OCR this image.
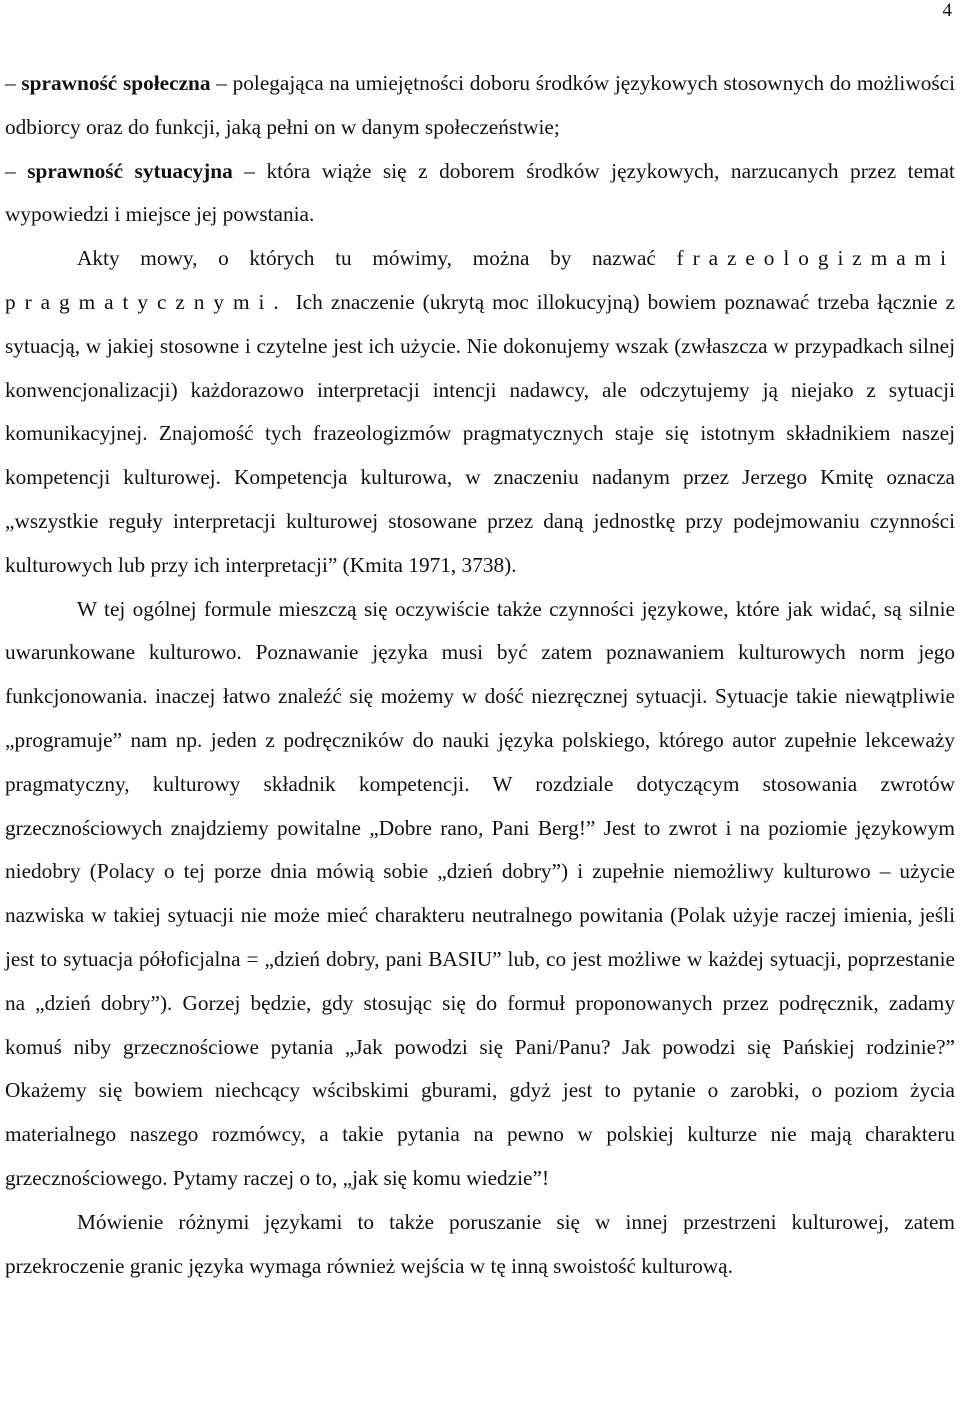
4

– sprawność społeczna – polegająca na umiejętności doboru środków językowych stosownych do możliwości odbiorcy oraz do funkcji, jaką pełni on w danym społeczeństwie;

– sprawność sytuacyjna – która wiąże się z doborem środków językowych, narzucanych przez temat wypowiedzi i miejsce jej powstania.

Akty mowy, o których tu mówimy, można by nazwać frazeologizmami pragmatycznymi. Ich znaczenie (ukrytą moc illokucyjną) bowiem poznawać trzeba łącznie z sytuacją, w jakiej stosowne i czytelne jest ich użycie. Nie dokonujemy wszak (zwłaszcza w przypadkach silnej konwencjonalizacji) każdorazowo interpretacji intencji nadawcy, ale odczytujemy ją niejako z sytuacji komunikacyjnej. Znajomość tych frazeologizmów pragmatycznych staje się istotnym składnikiem naszej kompetencji kulturowej. Kompetencja kulturowa, w znaczeniu nadanym przez Jerzego Kmitę oznacza „wszystkie reguły interpretacji kulturowej stosowane przez daną jednostkę przy podejmowaniu czynności kulturowych lub przy ich interpretacji” (Kmita 1971, 3738).

W tej ogólnej formule mieszczą się oczywiście także czynności językowe, które jak widać, są silnie uwarunkowane kulturowo. Poznawanie języka musi być zatem poznawaniem kulturowych norm jego funkcjonowania. inaczej łatwo znaleźć się możemy w dość niezręcznej sytuacji. Sytuacje takie niewątpliwie „programuje” nam np. jeden z podręczników do nauki języka polskiego, którego autor zupełnie lekceważy pragmatyczny, kulturowy składnik kompetencji. W rozdziale dotyczącym stosowania zwrotów grzecznościowych znajdziemy powitalne „Dobre rano, Pani Berg!” Jest to zwrot i na poziomie językowym niedobry (Polacy o tej porze dnia mówią sobie „dzień dobry”) i zupełnie niemożliwy kulturowo – użycie nazwiska w takiej sytuacji nie może mieć charakteru neutralnego powitania (Polak użyje raczej imienia, jeśli jest to sytuacja półoficjalna = „dzień dobry, pani BASIU” lub, co jest możliwe w każdej sytuacji, poprzestanie na „dzień dobry”). Gorzej będzie, gdy stosując się do formuł proponowanych przez podręcznik, zadamy komuś niby grzecznościowe pytania „Jak powodzi się Pani/Panu? Jak powodzi się Pańskiej rodzinie?” Okażemy się bowiem niechcący wścibskimi gburami, gdyż jest to pytanie o zarobki, o poziom życia materialnego naszego rozmówcy, a takie pytania na pewno w polskiej kulturze nie mają charakteru grzecznościowego. Pytamy raczej o to, „jak się komu wiedzie”!

Mówienie różnymi językami to także poruszanie się w innej przestrzeni kulturowej, zatem przekroczenie granic języka wymaga również wejścia w tę inną swoistość kulturową.
